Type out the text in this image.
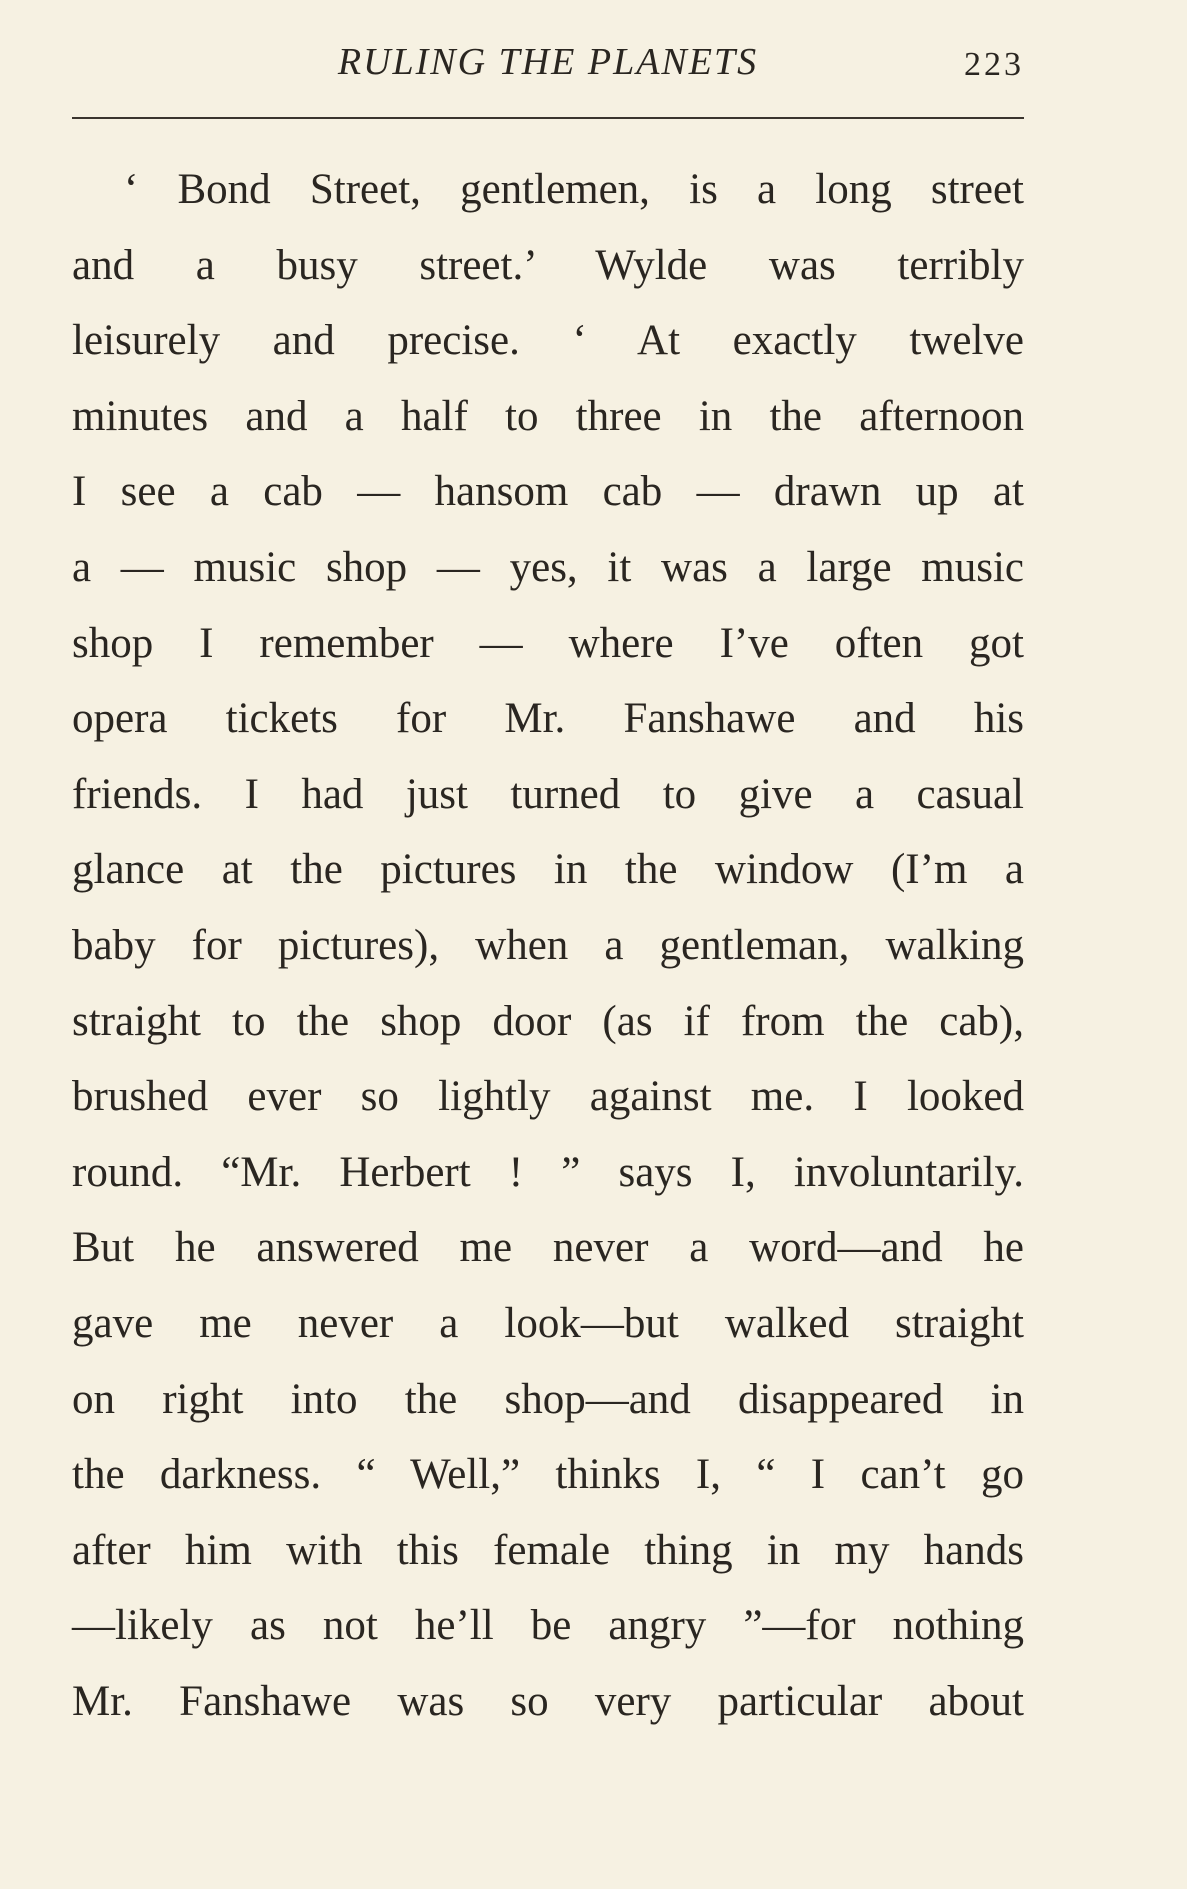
RULING THE PLANETS	223
‘ Bond Street, gentlemen, is a long street
and a busy street.’ Wylde was terribly
leisurely and precise. ‘ At exactly twelve
minutes and a half to three in the afternoon
I see a cab — hansom cab — drawn up at
a — music shop — yes, it was a large music
shop I remember — where I’ve often got
opera tickets for Mr. Fanshawe and his
friends. I had just turned to give a casual
glance at the pictures in the window (I’m a
baby for pictures), when a gentleman, walking
straight to the shop door (as if from the cab),
brushed ever so lightly against me. I looked
round. “Mr. Herbert ! ” says I, involuntarily.
But he answered me never a word—and he
gave me never a look—but walked straight
on right into the shop—and disappeared in
the darkness. “ Well,” thinks I, “ I can’t go
after him with this female thing in my hands
—likely as not he’ll be angry ”—for nothing
Mr. Fanshawe was so very particular about
